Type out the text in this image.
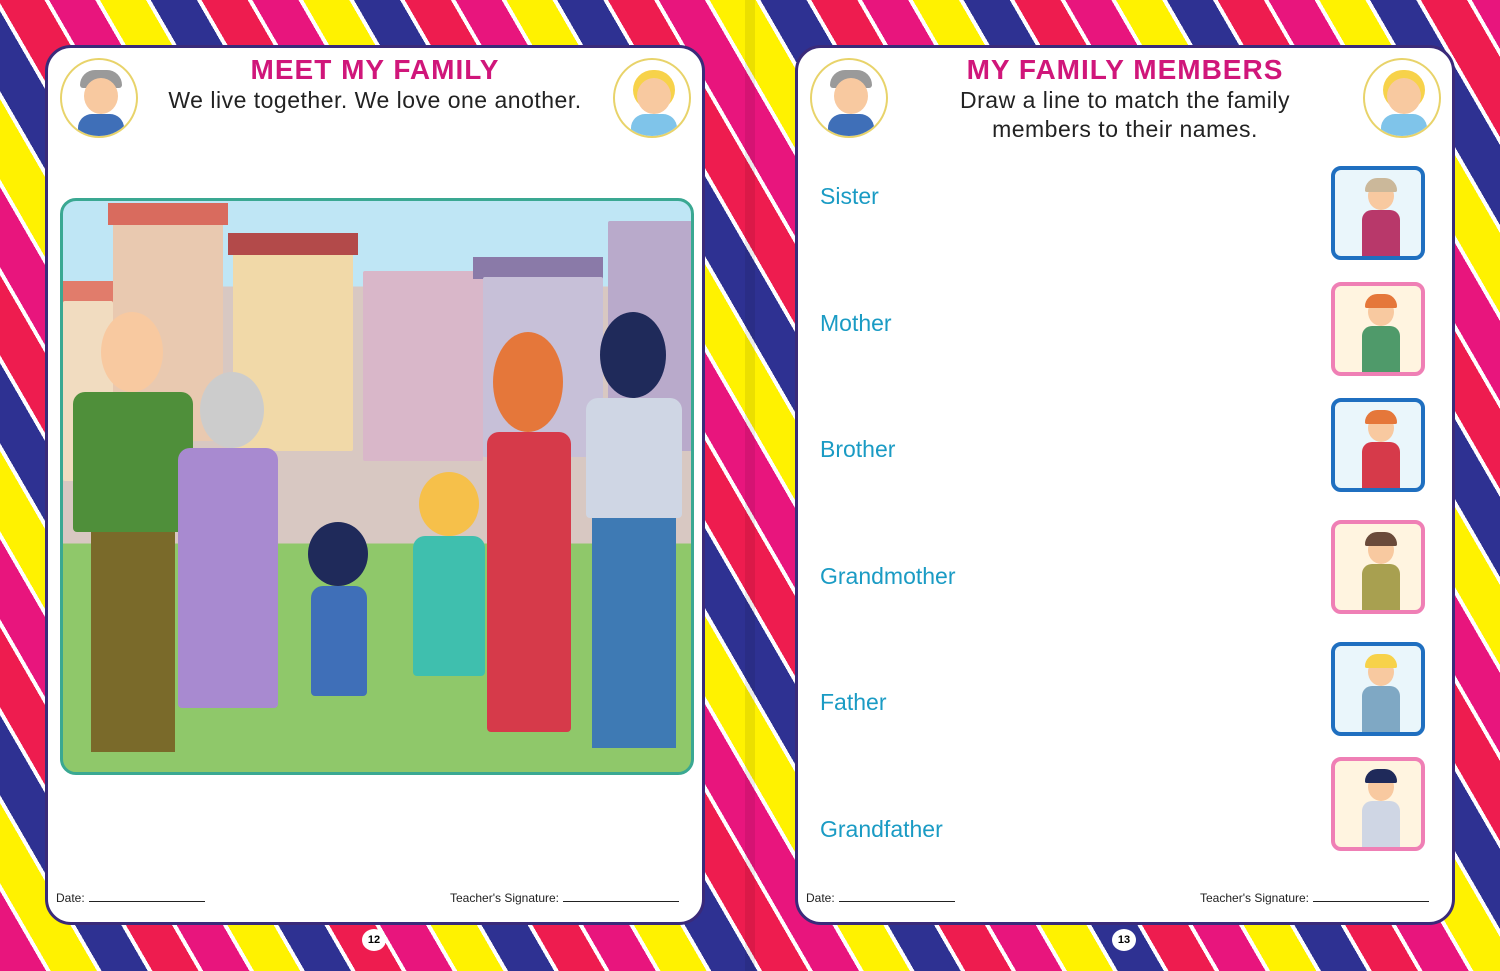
MEET MY FAMILY
We live together. We love one another.
Date:	Teacher's Signature:
12
MY FAMILY MEMBERS
Draw a line to match the family
members to their names.
Sister
Mother
Brother
Grandmother
Father
Grandfather
Date:	Teacher's Signature:
13
